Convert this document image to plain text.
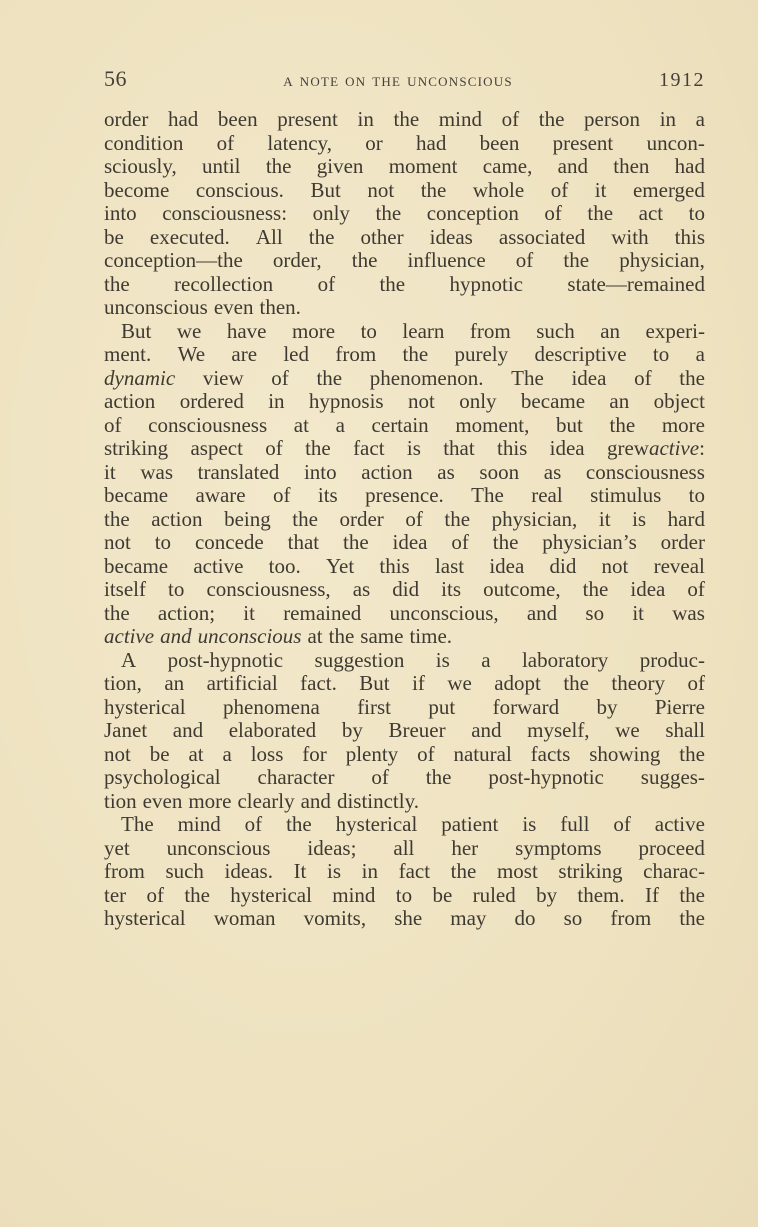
56	a note on the unconscious	1912
order had been present in the mind of the person in a
condition of latency, or had been present uncon-
sciously, until the given moment came, and then had
become conscious. But not the whole of it emerged
into consciousness: only the conception of the act to
be executed. All the other ideas associated with this
conception—the order, the influence of the physician,
the recollection of the hypnotic state—remained
unconscious even then.
But we have more to learn from such an experi-
ment. We are led from the purely descriptive to a
dynamic view of the phenomenon. The idea of the
action ordered in hypnosis not only became an object
of consciousness at a certain moment, but the more
striking aspect of the fact is that this idea grewactive:
it was translated into action as soon as consciousness
became aware of its presence. The real stimulus to
the action being the order of the physician, it is hard
not to concede that the idea of the physician’s order
became active too. Yet this last idea did not reveal
itself to consciousness, as did its outcome, the idea of
the action; it remained unconscious, and so it was
active and unconscious at the same time.
A post-hypnotic suggestion is a laboratory produc-
tion, an artificial fact. But if we adopt the theory of
hysterical phenomena first put forward by Pierre
Janet and elaborated by Breuer and myself, we shall
not be at a loss for plenty of natural facts showing the
psychological character of the post-hypnotic sugges-
tion even more clearly and distinctly.
The mind of the hysterical patient is full of active
yet unconscious ideas; all her symptoms proceed
from such ideas. It is in fact the most striking charac-
ter of the hysterical mind to be ruled by them. If the
hysterical woman vomits, she may do so from the
